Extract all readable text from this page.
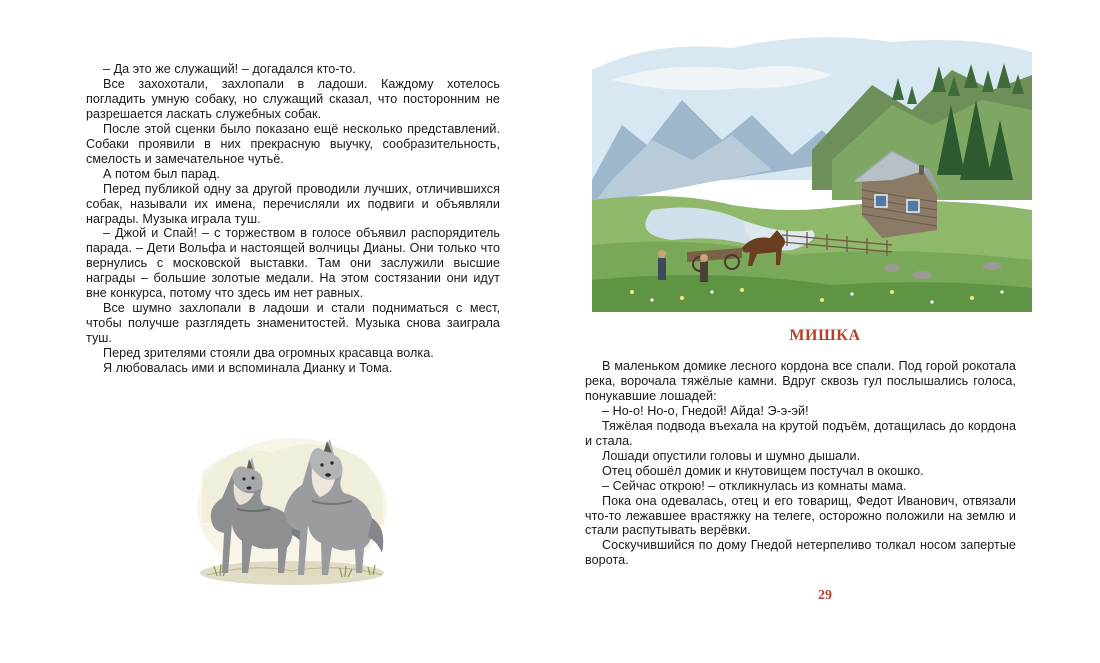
– Да это же служащий! – догадался кто-то.

Все захохотали, захлопали в ладоши. Каждому хотелось погладить умную собаку, но служащий сказал, что посторонним не разрешается ласкать служебных собак.

После этой сценки было показано ещё несколько представлений. Собаки проявили в них прекрасную выучку, сообразительность, смелость и замечательное чутьё.

А потом был парад.

Перед публикой одну за другой проводили лучших, отличившихся собак, называли их имена, перечисляли их подвиги и объявляли награды. Музыка играла туш.

– Джой и Спай! – с торжеством в голосе объявил распорядитель парада. – Дети Вольфа и настоящей волчицы Дианы. Они только что вернулись с московской выставки. Там они заслужили высшие награды – большие золотые медали. На этом состязании они идут вне конкурса, потому что здесь им нет равных.

Все шумно захлопали в ладоши и стали подниматься с мест, чтобы получше разглядеть знаменитостей. Музыка снова заиграла туш.

Перед зрителями стояли два огромных красавца волка.

Я любовалась ими и вспоминала Дианку и Тома.

МИШКА

В маленьком домике лесного кордона все спали. Под горой рокотала река, ворочала тяжёлые камни. Вдруг сквозь гул послышались голоса, понукавшие лошадей:

– Но-о! Но-о, Гнедой! Айда! Э-э-эй!

Тяжёлая подвода въехала на крутой подъём, дотащилась до кордона и стала.

Лошади опустили головы и шумно дышали.

Отец обошёл домик и кнутовищем постучал в окошко.

– Сейчас открою! – откликнулась из комнаты мама.

Пока она одевалась, отец и его товарищ, Федот Иванович, отвязали что-то лежавшее врастяжку на телеге, осторожно положили на землю и стали распутывать верёвки.

Соскучившийся по дому Гнедой нетерпеливо толкал носом запертые ворота.

29
